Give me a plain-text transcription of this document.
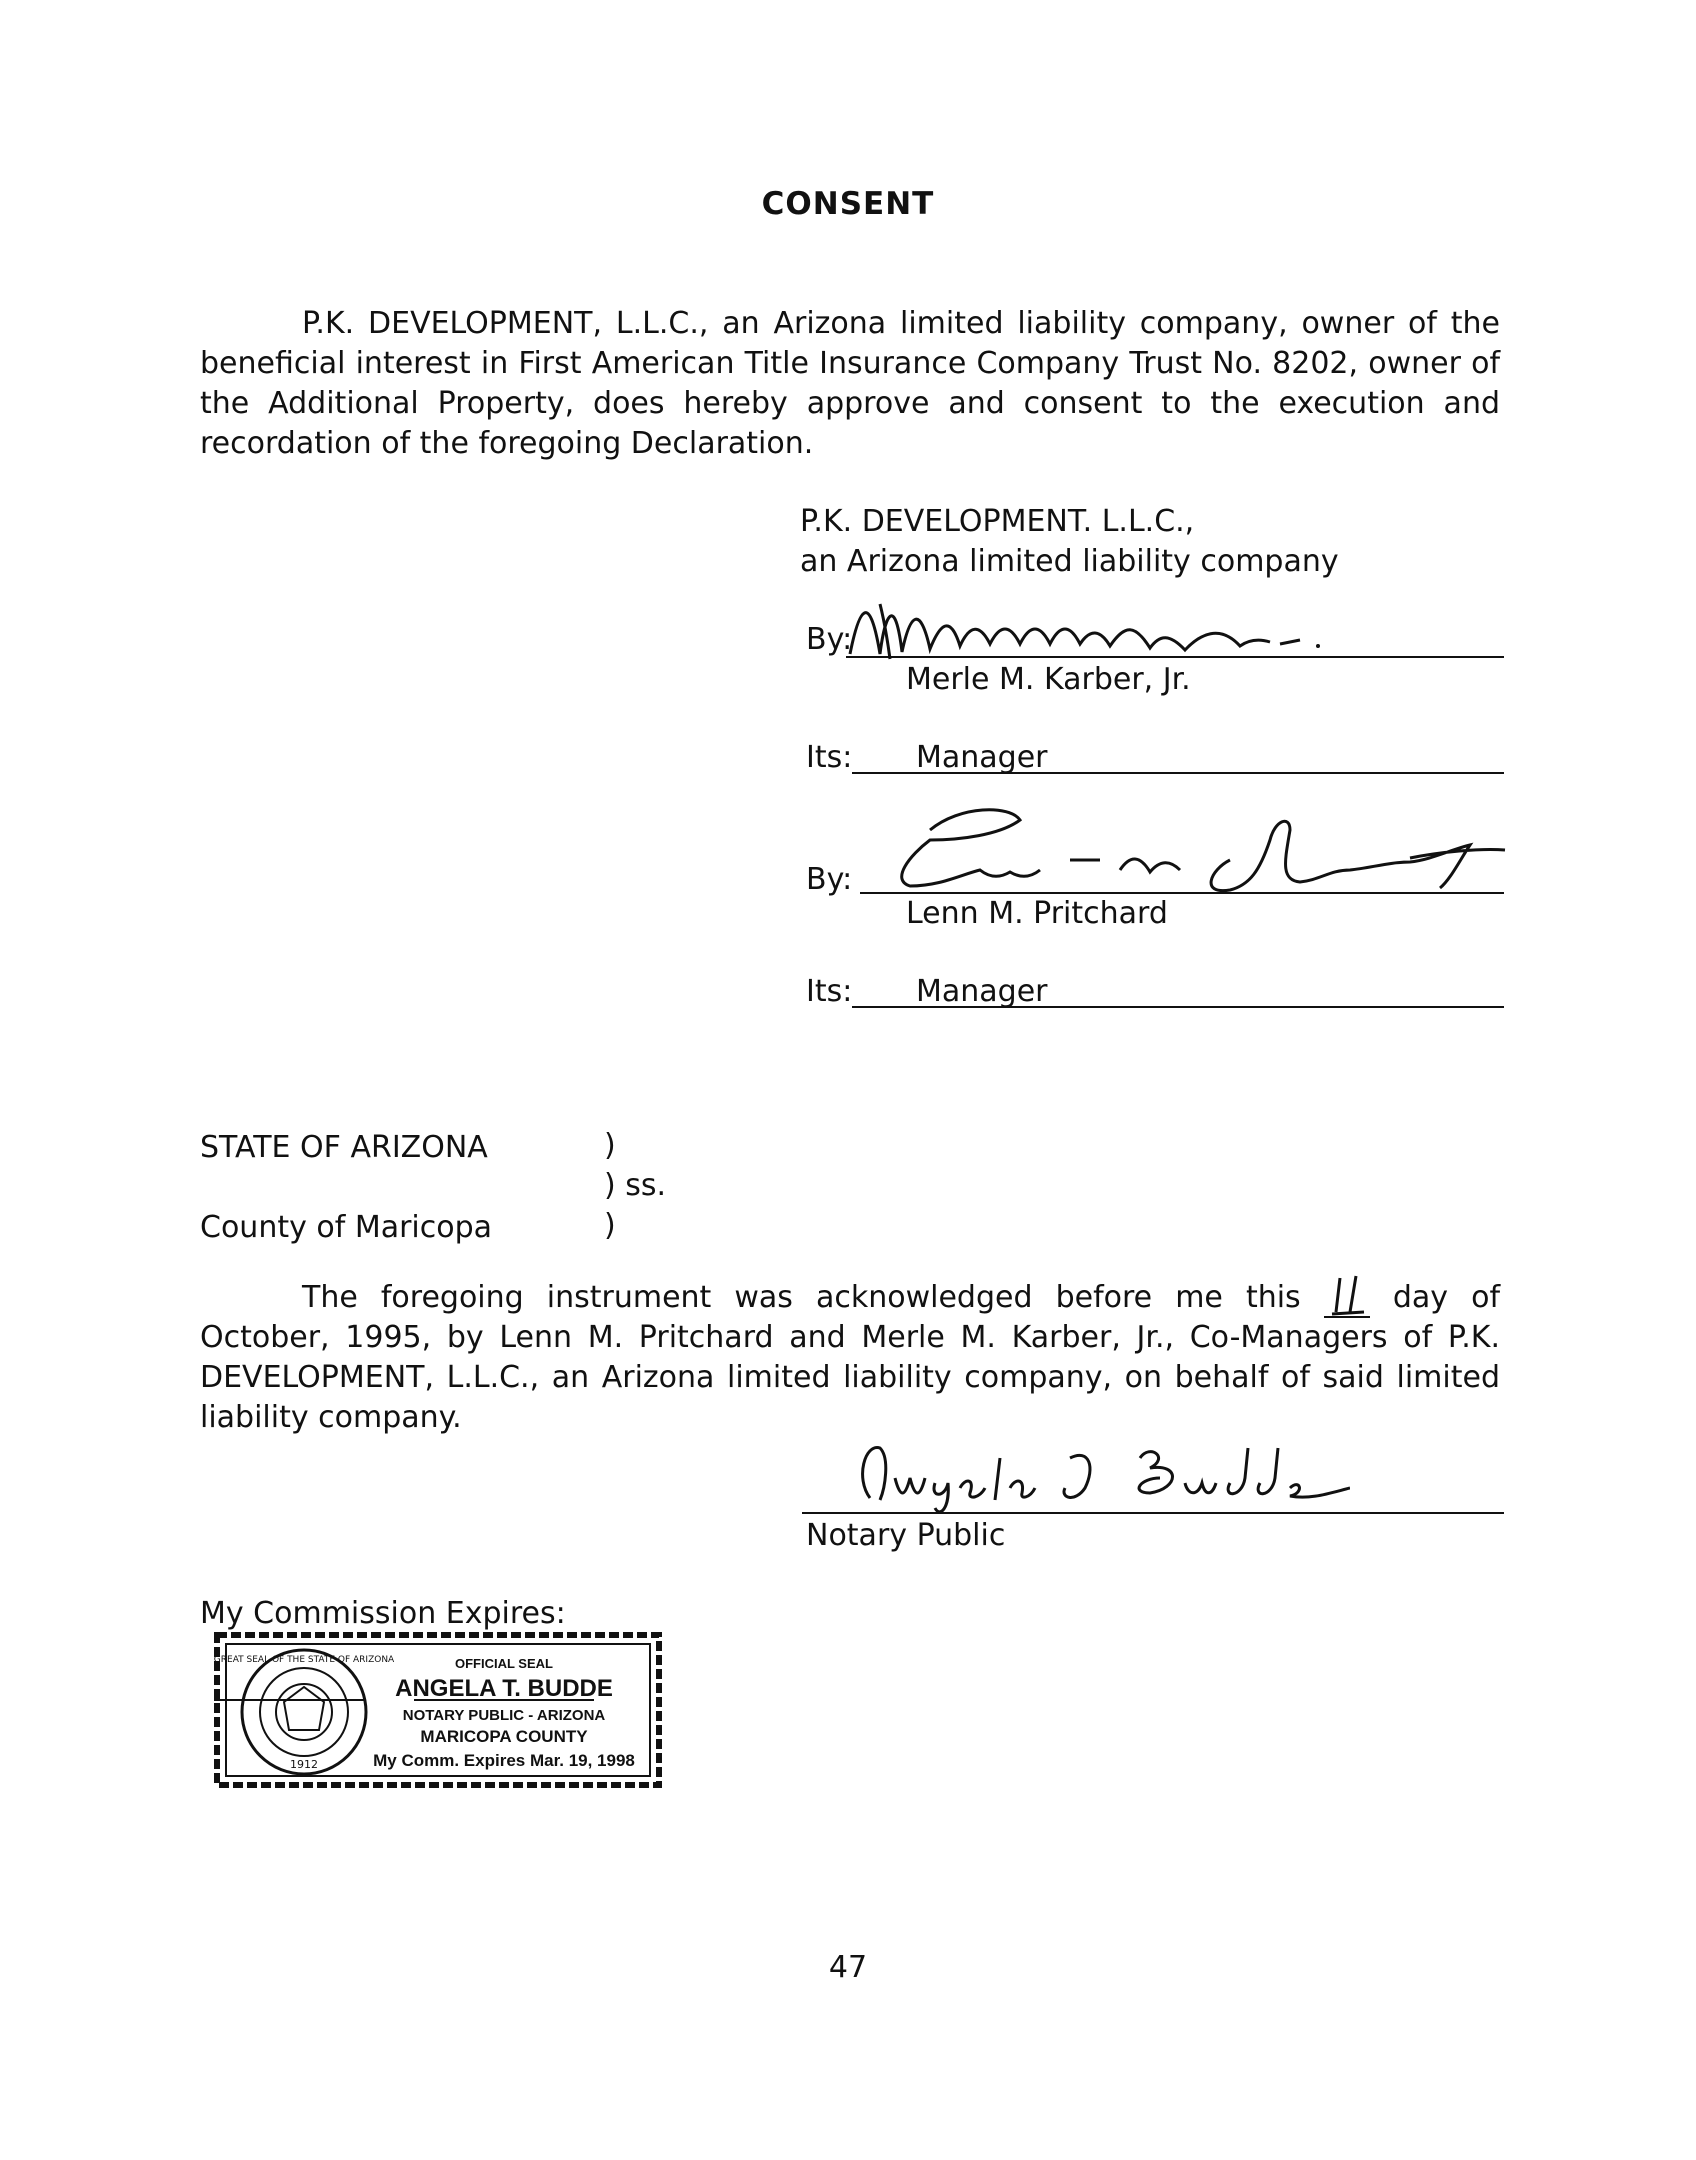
CONSENT
P.K. DEVELOPMENT, L.L.C., an Arizona limited liability company, owner of the beneficial interest in First American Title Insurance Company Trust No. 8202, owner of the Additional Property, does hereby approve and consent to the execution and recordation of the foregoing Declaration.
P.K. DEVELOPMENT. L.L.C.,
an Arizona limited liability company
By:
Merle M. Karber, Jr.
Its: Manager
By:
Lenn M. Pritchard
Its: Manager
STATE OF ARIZONA	)
) ss.
County of Maricopa	)
The foregoing instrument was acknowledged before me this	day of October, 1995, by Lenn M. Pritchard and Merle M. Karber, Jr., Co-Managers of P.K. DEVELOPMENT, L.L.C., an Arizona limited liability company, on behalf of said limited liability company.
Notary Public
My Commission Expires:
GREAT SEAL OF THE STATE OF ARIZONA
1912
OFFICIAL SEAL
ANGELA T. BUDDE
NOTARY PUBLIC - ARIZONA
MARICOPA COUNTY
My Comm. Expires Mar. 19, 1998
47
